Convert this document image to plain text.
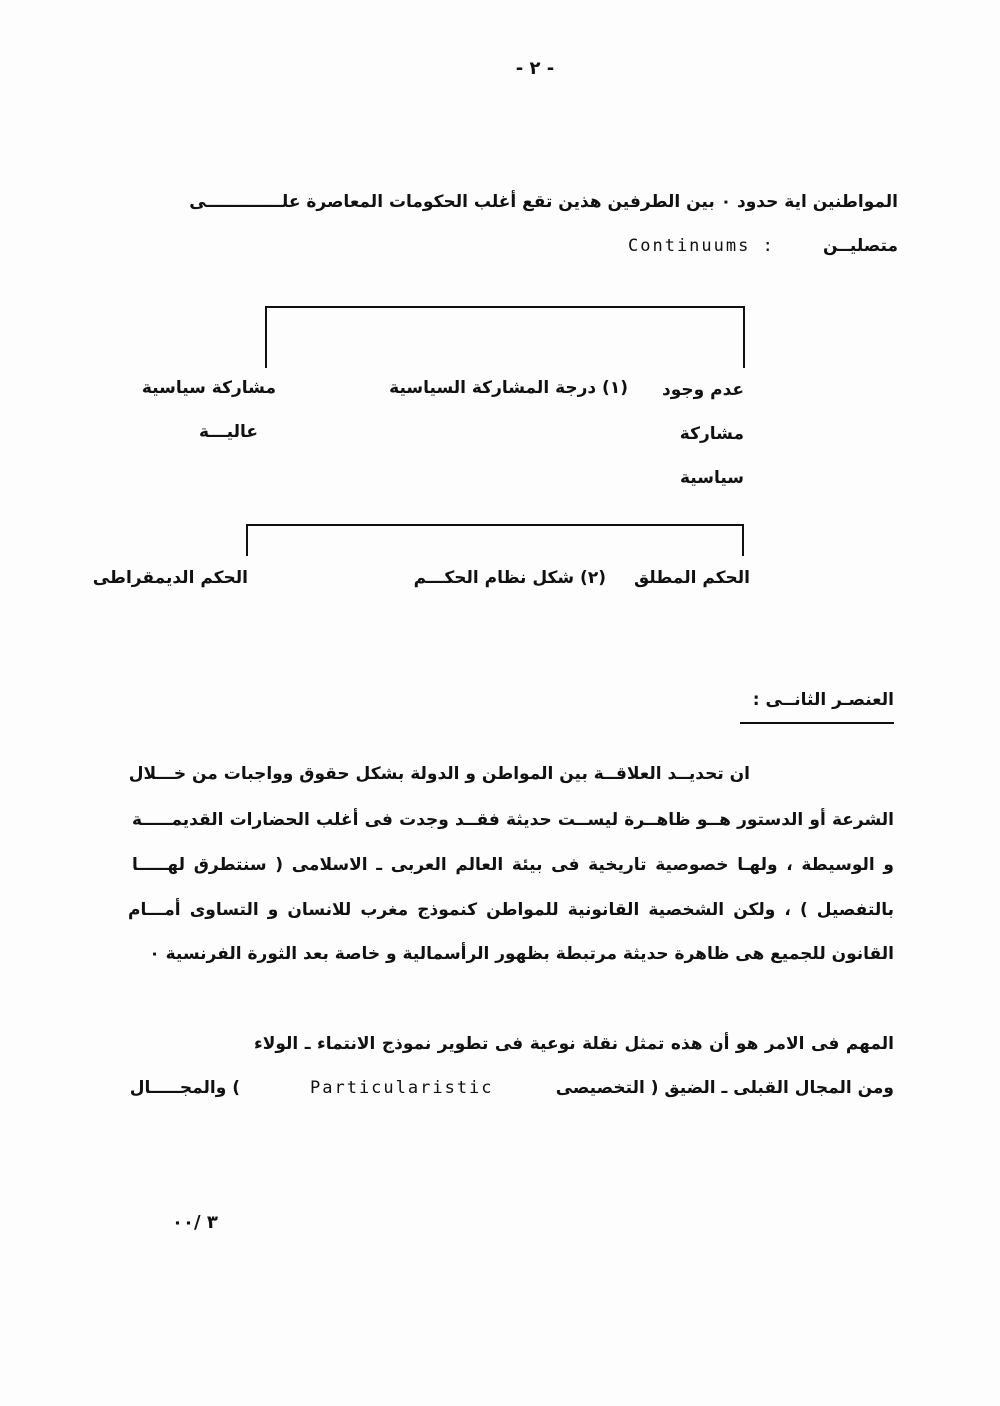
- ٢ -
المواطنين اية حدود ٠ بين الطرفين هذين تقع أغلب الحكومات المعاصرة علـــــــــــــى
متصليــن
Continuums :
مشاركة سياسية
عاليـــة
(١) درجة المشاركة السياسية عدم وجود
مشاركة
سياسية
الحكم الديمقراطى	(٢) شكل نظام الحكـــم الحكم المطلق
العنصـر الثانــى :
ان تحديــد العلاقــة بين المواطن و الدولة بشكل حقوق وواجبات من خـــلال
الشرعة أو الدستور هــو ظاهــرة ليســت حديثة فقــد وجدت فى أغلب الحضارات القديمـــــة
و الوسيطة ، ولهـا خصوصية تاريخية فى بيئة العالم العربى ـ الاسلامى ( سنتطرق لهـــــا
بالتفصيل ) ، ولكن الشخصية القانونية للمواطن كنموذج مغرب للانسان و التساوى أمـــام
القانون للجميع هى ظاهرة حديثة مرتبطة بظهور الرأسمالية و خاصة بعد الثورة الفرنسية ٠
المهم فى الامر هو أن هذه تمثل نقلة نوعية فى تطوير نموذج الانتماء ـ الولاء
ومن المجال القبلى ـ الضيق ( التخصيصى
Particularistic
) والمجـــــال
٣ /٠٠
